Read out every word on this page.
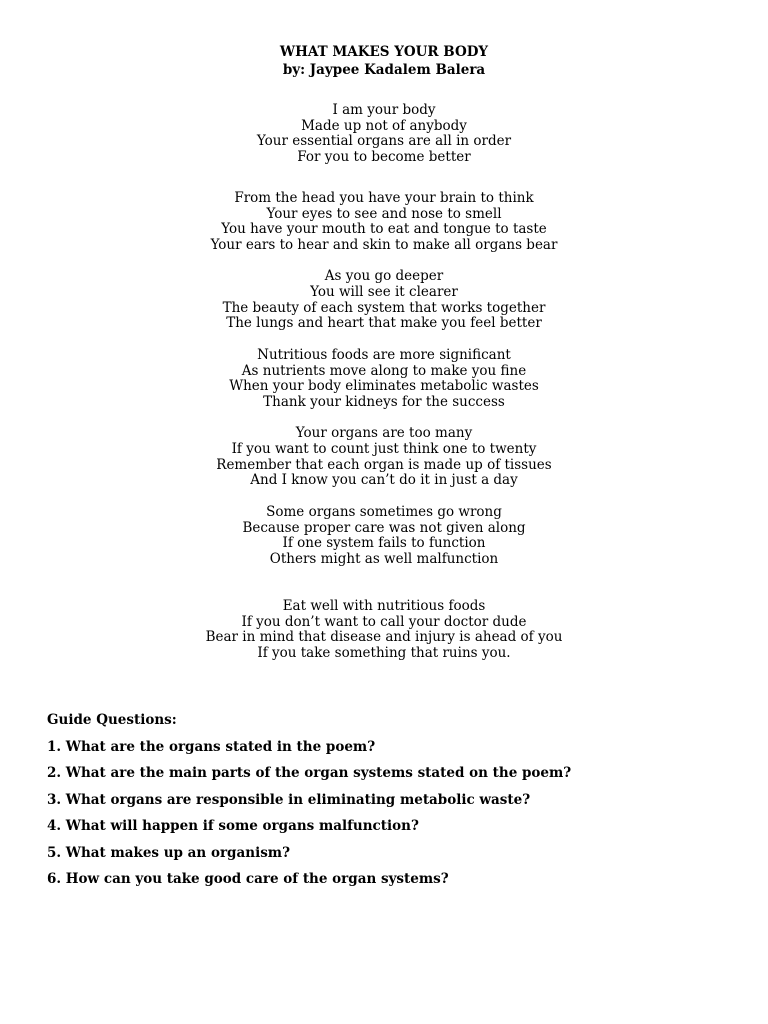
WHAT MAKES YOUR BODY
by: Jaypee Kadalem Balera
I am your body
Made up not of anybody
Your essential organs are all in order
For you to become better
From the head you have your brain to think
Your eyes to see and nose to smell
You have your mouth to eat and tongue to taste
Your ears to hear and skin to make all organs bear
As you go deeper
You will see it clearer
The beauty of each system that works together
The lungs and heart that make you feel better
Nutritious foods are more significant
As nutrients move along to make you fine
When your body eliminates metabolic wastes
Thank your kidneys for the success
Your organs are too many
If you want to count just think one to twenty
Remember that each organ is made up of tissues
And I know you can’t do it in just a day
Some organs sometimes go wrong
Because proper care was not given along
If one system fails to function
Others might as well malfunction
Eat well with nutritious foods
If you don’t want to call your doctor dude
Bear in mind that disease and injury is ahead of you
If you take something that ruins you.
Guide Questions:
1. What are the organs stated in the poem?
2. What are the main parts of the organ systems stated on the poem?
3. What organs are responsible in eliminating metabolic waste?
4. What will happen if some organs malfunction?
5. What makes up an organism?
6. How can you take good care of the organ systems?
